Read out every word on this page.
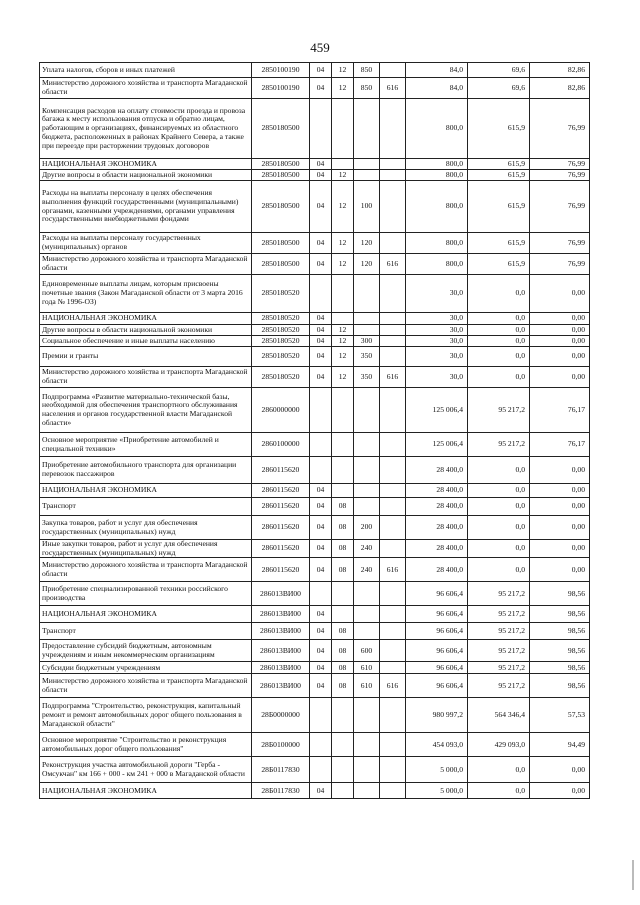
459
Уплата налогов, сборов и иных платежей	2850100190	04	12	850		84,0	69,6	82,86
Министерство дорожного хозяйства и транспорта Магаданской области	2850100190	04	12	850	616	84,0	69,6	82,86
Компенсация расходов на оплату стоимости проезда и провоза багажа к месту использования отпуска и обратно лицам, работающим в организациях, финансируемых из областного бюджета, расположенных в районах Крайнего Севера, а также при переезде при расторжении трудовых договоров	2850180500					800,0	615,9	76,99
НАЦИОНАЛЬНАЯ ЭКОНОМИКА	2850180500	04				800,0	615,9	76,99
Другие вопросы в области национальной экономики	2850180500	04	12			800,0	615,9	76,99
Расходы на выплаты персоналу в целях обеспечения выполнения функций государственными (муниципальными) органами, казенными учреждениями, органами управления государственными внебюджетными фондами	2850180500	04	12	100		800,0	615,9	76,99
Расходы на выплаты персоналу государственных (муниципальных) органов	2850180500	04	12	120		800,0	615,9	76,99
Министерство дорожного хозяйства и транспорта Магаданской области	2850180500	04	12	120	616	800,0	615,9	76,99
Единовременные выплаты лицам, которым присвоены почетные звания (Закон Магаданской области от 3 марта 2016 года № 1996-ОЗ)	2850180520					30,0	0,0	0,00
НАЦИОНАЛЬНАЯ ЭКОНОМИКА	2850180520	04				30,0	0,0	0,00
Другие вопросы в области национальной экономики	2850180520	04	12			30,0	0,0	0,00
Социальное обеспечение и иные выплаты населению	2850180520	04	12	300		30,0	0,0	0,00
Премии и гранты	2850180520	04	12	350		30,0	0,0	0,00
Министерство дорожного хозяйства и транспорта Магаданской области	2850180520	04	12	350	616	30,0	0,0	0,00
Подпрограмма «Развитие материально-технической базы, необходимой для обеспечения транспортного обслуживания населения и органов государственной власти Магаданской области»	2860000000					125 006,4	95 217,2	76,17
Основное мероприятие «Приобретение автомобилей и специальной техники»	2860100000					125 006,4	95 217,2	76,17
Приобретение автомобильного транспорта для организации перевозок пассажиров	2860115620					28 400,0	0,0	0,00
НАЦИОНАЛЬНАЯ ЭКОНОМИКА	2860115620	04				28 400,0	0,0	0,00
Транспорт	2860115620	04	08			28 400,0	0,0	0,00
Закупка товаров, работ и услуг для обеспечения государственных (муниципальных) нужд	2860115620	04	08	200		28 400,0	0,0	0,00
Иные закупки товаров, работ и услуг для обеспечения государственных (муниципальных) нужд	2860115620	04	08	240		28 400,0	0,0	0,00
Министерство дорожного хозяйства и транспорта Магаданской области	2860115620	04	08	240	616	28 400,0	0,0	0,00
Приобретение специализированной техники российского производства	286013ВИ00					96 606,4	95 217,2	98,56
НАЦИОНАЛЬНАЯ ЭКОНОМИКА	286013ВИ00	04				96 606,4	95 217,2	98,56
Транспорт	286013ВИ00	04	08			96 606,4	95 217,2	98,56
Предоставление субсидий бюджетным, автономным учреждениям и иным некоммерческим организациям	286013ВИ00	04	08	600		96 606,4	95 217,2	98,56
Субсидии бюджетным учреждениям	286013ВИ00	04	08	610		96 606,4	95 217,2	98,56
Министерство дорожного хозяйства и транспорта Магаданской области	286013ВИ00	04	08	610	616	96 606,4	95 217,2	98,56
Подпрограмма "Строительство, реконструкция, капитальный ремонт и ремонт автомобильных дорог общего пользования в Магаданской области"	28Б0000000					980 997,2	564 346,4	57,53
Основное мероприятие "Строительство и реконструкция автомобильных дорог общего пользования"	28Б0100000					454 093,0	429 093,0	94,49
Реконструкция участка автомобильной дороги "Герба - Омсукчан" км 166 + 000 - км 241 + 000 в Магаданской области	28Б0117830					5 000,0	0,0	0,00
НАЦИОНАЛЬНАЯ ЭКОНОМИКА	28Б0117830	04				5 000,0	0,0	0,00
